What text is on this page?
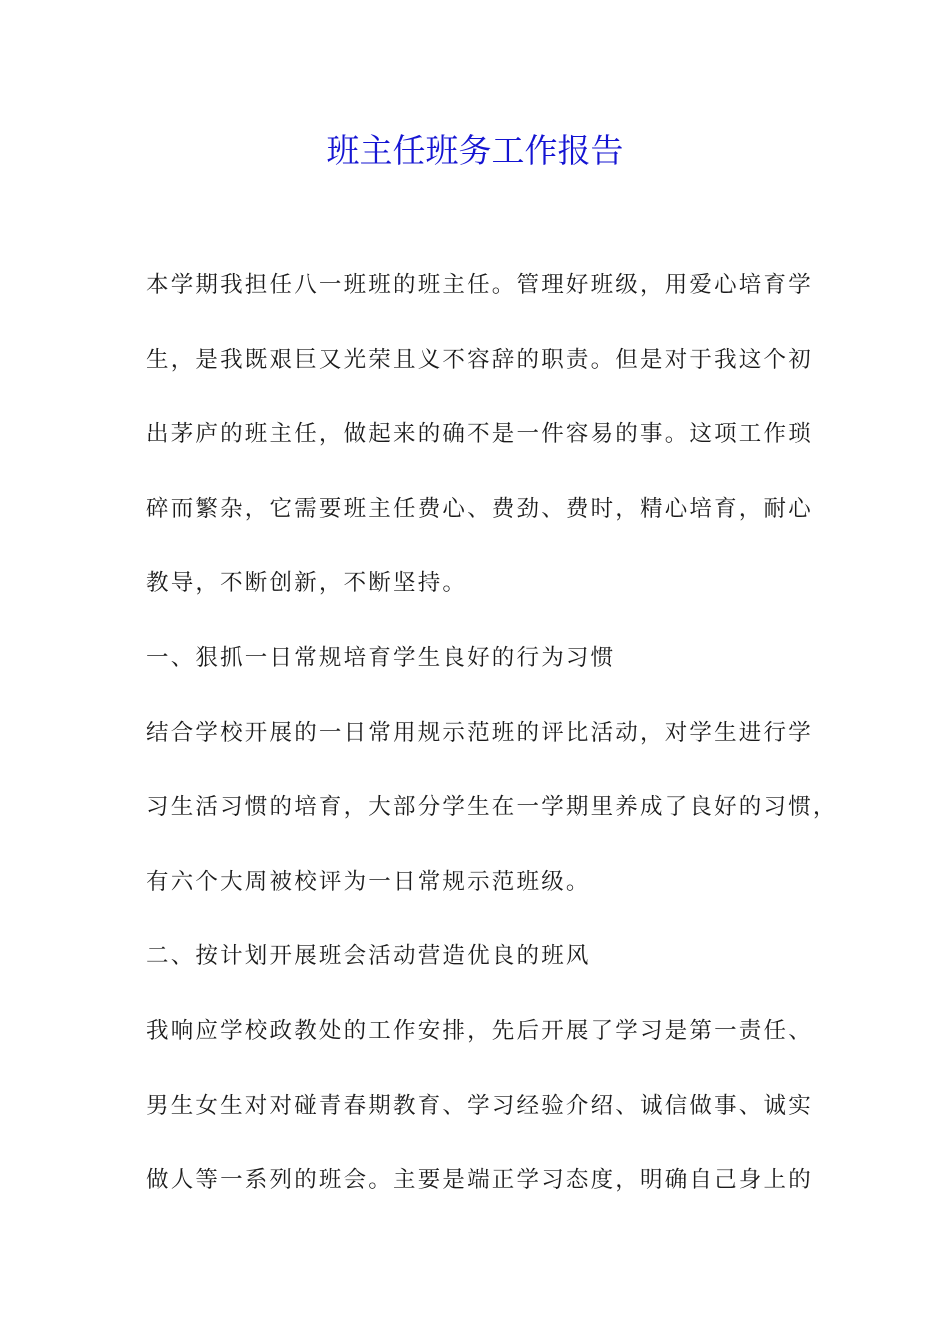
班主任班务工作报告
本学期我担任八一班班的班主任。管理好班级，用爱心培育学
生，是我既艰巨又光荣且义不容辞的职责。但是对于我这个初
出茅庐的班主任，做起来的确不是一件容易的事。这项工作琐
碎而繁杂，它需要班主任费心、费劲、费时，精心培育，耐心
教导，不断创新，不断坚持。
一、狠抓一日常规培育学生良好的行为习惯
结合学校开展的一日常用规示范班的评比活动，对学生进行学
习生活习惯的培育，大部分学生在一学期里养成了良好的习惯，
有六个大周被校评为一日常规示范班级。
二、按计划开展班会活动营造优良的班风
我响应学校政教处的工作安排，先后开展了学习是第一责任、
男生女生对对碰青春期教育、学习经验介绍、诚信做事、诚实
做人等一系列的班会。主要是端正学习态度，明确自己身上的
